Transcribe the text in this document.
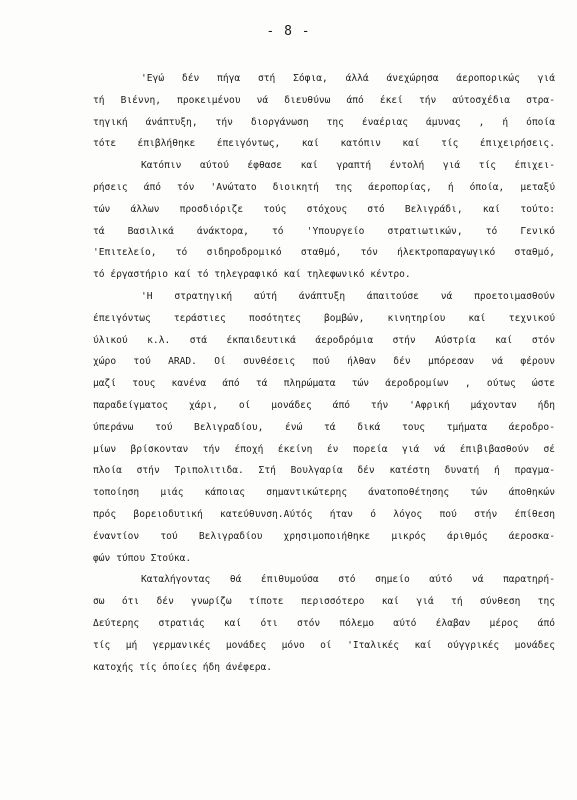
- 8 -
'Εγώ δέν πήγα στή Σόφια, άλλά άνεχώρησα άεροπορικώς γιά
τή Βιέννη, προκειμένου νά διευθύνω άπό έκεί τήν αύτοσχέδια στρα-
τηγική άνάπτυξη, τήν διοργάνωση της έναέριας άμυνας , ή όποία
τότε έπιβλήθηκε έπειγόντως, καί κατόπιν καί τίς έπιχειρήσεις.
Κατόπιν αύτού έφθασε καί γραπτή έντολή γιά τίς έπιχει-
ρήσεις άπό τόν 'Ανώτατο διοικητή της άεροπορίας, ή όποία, μεταξύ
τών άλλων προσδιόριζε τούς στόχους στό Βελιγράδι, καί τούτο:
τά Βασιλικά άνάκτορα, τό 'Υπουργείο στρατιωτικών, τό Γενικό
'Επιτελείο, τό σιδηροδρομικό σταθμό, τόν ήλεκτροπαραγωγικό σταθμό,
τό έργαστήριο καί τό τηλεγραφικό καί τηλεφωνικό κέντρο.
'Η στρατηγική αύτή άνάπτυξη άπαιτούσε νά προετοιμασθούν
έπειγόντως τεράστιες ποσότητες βομβών, κινητηρίου καί τεχνικού
ύλικού κ.λ. στά έκπαιδευτικά άεροδρόμια στήν Αύστρία καί στόν
χώρο τού ARAD. Οί συνθέσεις πού ήλθαν δέν μπόρεσαν νά φέρουν
μαζί τους κανένα άπό τά πληρώματα τών άεροδρομίων , ούτως ώστε
παραδείγματος χάρι, οί μονάδες άπό τήν 'Αφρική μάχονταν ήδη
ύπεράνω τού Βελιγραδίου, ένώ τά δικά τους τμήματα άεροδρο-
μίων βρίσκονταν τήν έποχή έκείνη έν πορεία γιά νά έπιβιβασθούν σέ
πλοία στήν Τριπολιτιδα. Στή Βουλγαρία δέν κατέστη δυνατή ή πραγμα-
τοποίηση μιάς κάποιας σημαντικώτερης άνατοποθέτησης τών άποθηκών
πρός βορειοδυτική κατεύθυνση.Αύτός ήταν ό λόγος πού στήν έπίθεση
έναντίον τού Βελιγραδίου χρησιμοποιήθηκε μικρός άριθμός άεροσκα-
φών τύπου Στούκα.
Καταλήγοντας θά έπιθυμούσα στό σημείο αύτό νά παρατηρή-
σω ότι δέν γνωρίζω τίποτε περισσότερο καί γιά τή σύνθεση της
Δεύτερης στρατιάς καί ότι στόν πόλεμο αύτό έλαβαν μέρος άπό
τίς μή γερμανικές μονάδες μόνο οί 'Ιταλικές καί ούγγρικές μονάδες
κατοχής τίς όποίες ήδη άνέφερα.
